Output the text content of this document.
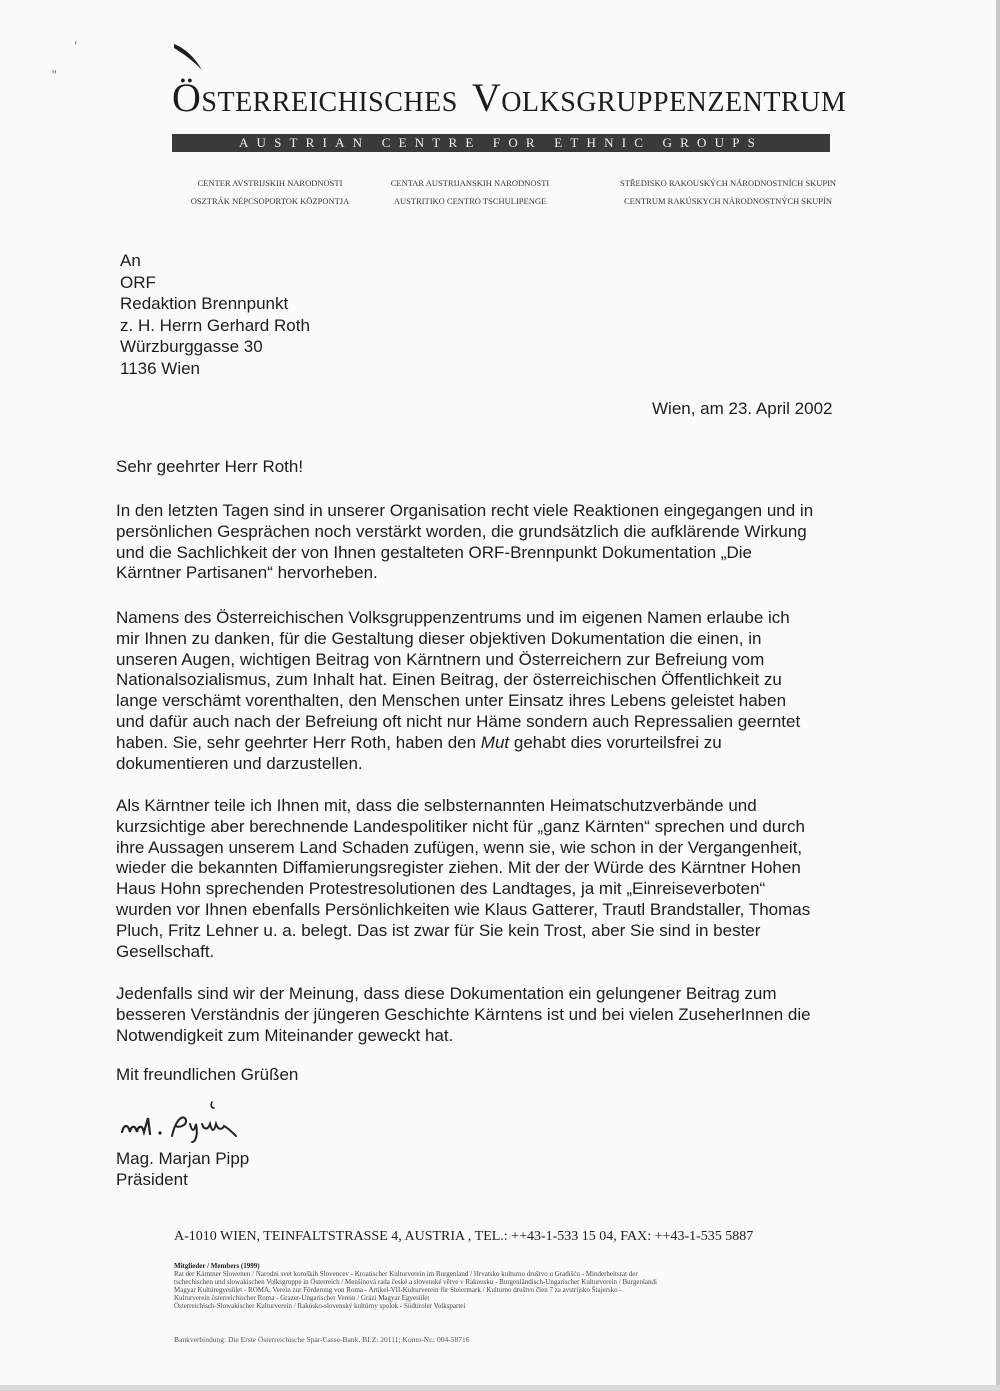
,
''	Österreichisches Volksgruppenzentrum
AUSTRIAN CENTRE FOR ETHNIC GROUPS
CENTER AVSTRIJSKIH NARODNOSTI
OSZTRÁK NÉPCSOPORTOK KÖZPONTJA
CENTAR AUSTRIJANSKIH NARODNOSTI
AUSTRITIKO CENTRO TSCHULIPENGE
STŘEDISKO RAKOUSKÝCH NÁRODNOSTNÍCH SKUPIN
CENTRUM RAKÚSKYCH NÁRODNOSTNÝCH SKUPÍN
An
ORF
Redaktion Brennpunkt
z. H. Herrn Gerhard Roth
Würzburggasse 30
1136 Wien
Wien, am 23. April 2002
Sehr geehrter Herr Roth!
In den letzten Tagen sind in unserer Organisation recht viele Reaktionen eingegangen und in
persönlichen Gesprächen noch verstärkt worden, die grundsätzlich die aufklärende Wirkung
und die Sachlichkeit der von Ihnen gestalteten ORF-Brennpunkt Dokumentation „Die
Kärntner Partisanen“ hervorheben.
Namens des Österreichischen Volksgruppenzentrums und im eigenen Namen erlaube ich
mir Ihnen zu danken, für die Gestaltung dieser objektiven Dokumentation die einen, in
unseren Augen, wichtigen Beitrag von Kärntnern und Österreichern zur Befreiung vom
Nationalsozialismus, zum Inhalt hat. Einen Beitrag, der österreichischen Öffentlichkeit zu
lange verschämt vorenthalten, den Menschen unter Einsatz ihres Lebens geleistet haben
und dafür auch nach der Befreiung oft nicht nur Häme sondern auch Repressalien geerntet
haben. Sie, sehr geehrter Herr Roth, haben den Mut gehabt dies vorurteilsfrei zu
dokumentieren und darzustellen.
Als Kärntner teile ich Ihnen mit, dass die selbsternannten Heimatschutzverbände und
kurzsichtige aber berechnende Landespolitiker nicht für „ganz Kärnten“ sprechen und durch
ihre Aussagen unserem Land Schaden zufügen, wenn sie, wie schon in der Vergangenheit,
wieder die bekannten Diffamierungsregister ziehen. Mit der der Würde des Kärntner Hohen
Haus Hohn sprechenden Protestresolutionen des Landtages, ja mit „Einreiseverboten“
wurden vor Ihnen ebenfalls Persönlichkeiten wie Klaus Gatterer, Trautl Brandstaller, Thomas
Pluch, Fritz Lehner u. a. belegt. Das ist zwar für Sie kein Trost, aber Sie sind in bester
Gesellschaft.
Jedenfalls sind wir der Meinung, dass diese Dokumentation ein gelungener Beitrag zum
besseren Verständnis der jüngeren Geschichte Kärntens ist und bei vielen ZuseherInnen die
Notwendigkeit zum Miteinander geweckt hat.
Mit freundlichen Grüßen
Mag. Marjan Pipp
Präsident
A-1010 WIEN, TEINFALTSTRASSE 4, AUSTRIA , TEL.: ++43-1-533 15 04, FAX: ++43-1-535 5887
Mitglieder / Members (1999)
Rat der Kärntner Slowenen / Narodni svet koroških Slovencev - Kroatischer Kulturverein im Burgenland / Hrvatsko kulturno društvo u Gradišću - Minderheitsrat der
tschechischen und slowakischen Volksgruppe in Österreich / Menšinová rada české a slovenské větve v Rakousku - Burgenländisch-Ungarischer Kulturverein / Burgenlandi
Magyar Kultúregyesület - ROMA, Verein zur Förderung von Roma - Artikel-VII-Kulturverein für Steiermark / Kulturno društvo člen 7 za avstrijsko Štajersko -
Kulturverein österreichischer Roma - Grazer-Ungarischer Verein / Grázi Magyar Egyesület
Österreichisch-Slowakischer Kulturverein / Rakúsko-slovenský kultúrny spolok - Südtiroler Volkspartei
Bankverbindung: Die Erste Österreichische Spar-Casse-Bank, BLZ: 20111; Konto-Nr.: 004-58716
